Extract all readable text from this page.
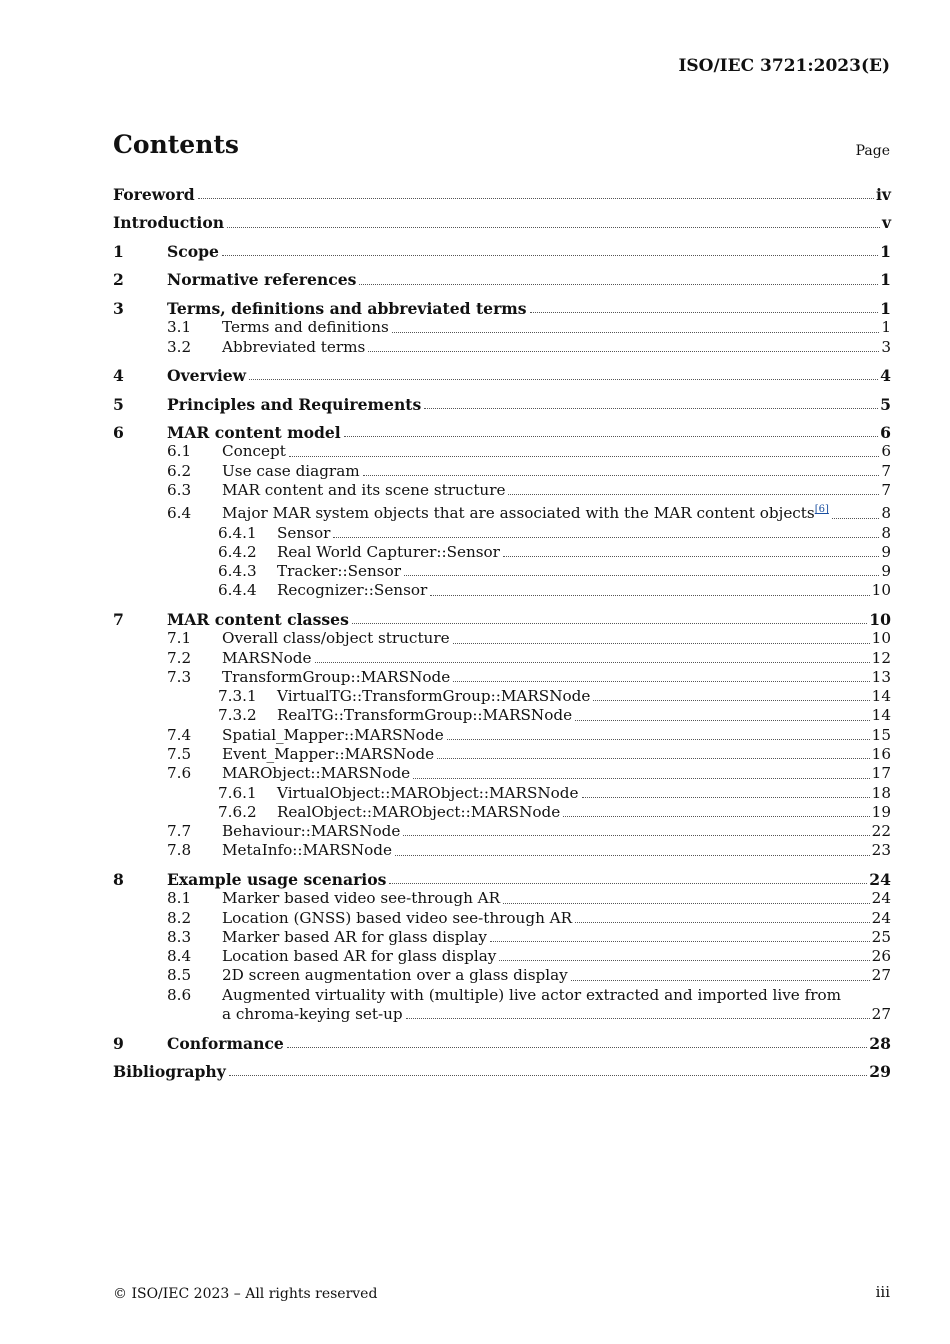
ISO/IEC 3721:2023(E)
Contents	Page
Foreword	iv
Introduction	v
1	Scope	1
2	Normative references	1
3	Terms, definitions and abbreviated terms	1
3.1	Terms and definitions	1
3.2	Abbreviated terms	3
4	Overview	4
5	Principles and Requirements	5
6	MAR content model	6
6.1	Concept	6
6.2	Use case diagram	7
6.3	MAR content and its scene structure	7
6.4	Major MAR system objects that are associated with the MAR content objects[6]	8
6.4.1	Sensor	8
6.4.2	Real World Capturer::Sensor	9
6.4.3	Tracker::Sensor	9
6.4.4	Recognizer::Sensor	10
7	MAR content classes	10
7.1	Overall class/object structure	10
7.2	MARSNode	12
7.3	TransformGroup::MARSNode	13
7.3.1	VirtualTG::TransformGroup::MARSNode	14
7.3.2	RealTG::TransformGroup::MARSNode	14
7.4	Spatial_Mapper::MARSNode	15
7.5	Event_Mapper::MARSNode	16
7.6	MARObject::MARSNode	17
7.6.1	VirtualObject::MARObject::MARSNode	18
7.6.2	RealObject::MARObject::MARSNode	19
7.7	Behaviour::MARSNode	22
7.8	MetaInfo::MARSNode	23
8	Example usage scenarios	24
8.1	Marker based video see-through AR	24
8.2	Location (GNSS) based video see-through AR	24
8.3	Marker based AR for glass display	25
8.4	Location based AR for glass display	26
8.5	2D screen augmentation over a glass display	27
8.6	Augmented virtuality with (multiple) live actor extracted and imported live from
a chroma-keying set-up	27
9	Conformance	28
Bibliography	29
© ISO/IEC 2023 – All rights reserved	iii
